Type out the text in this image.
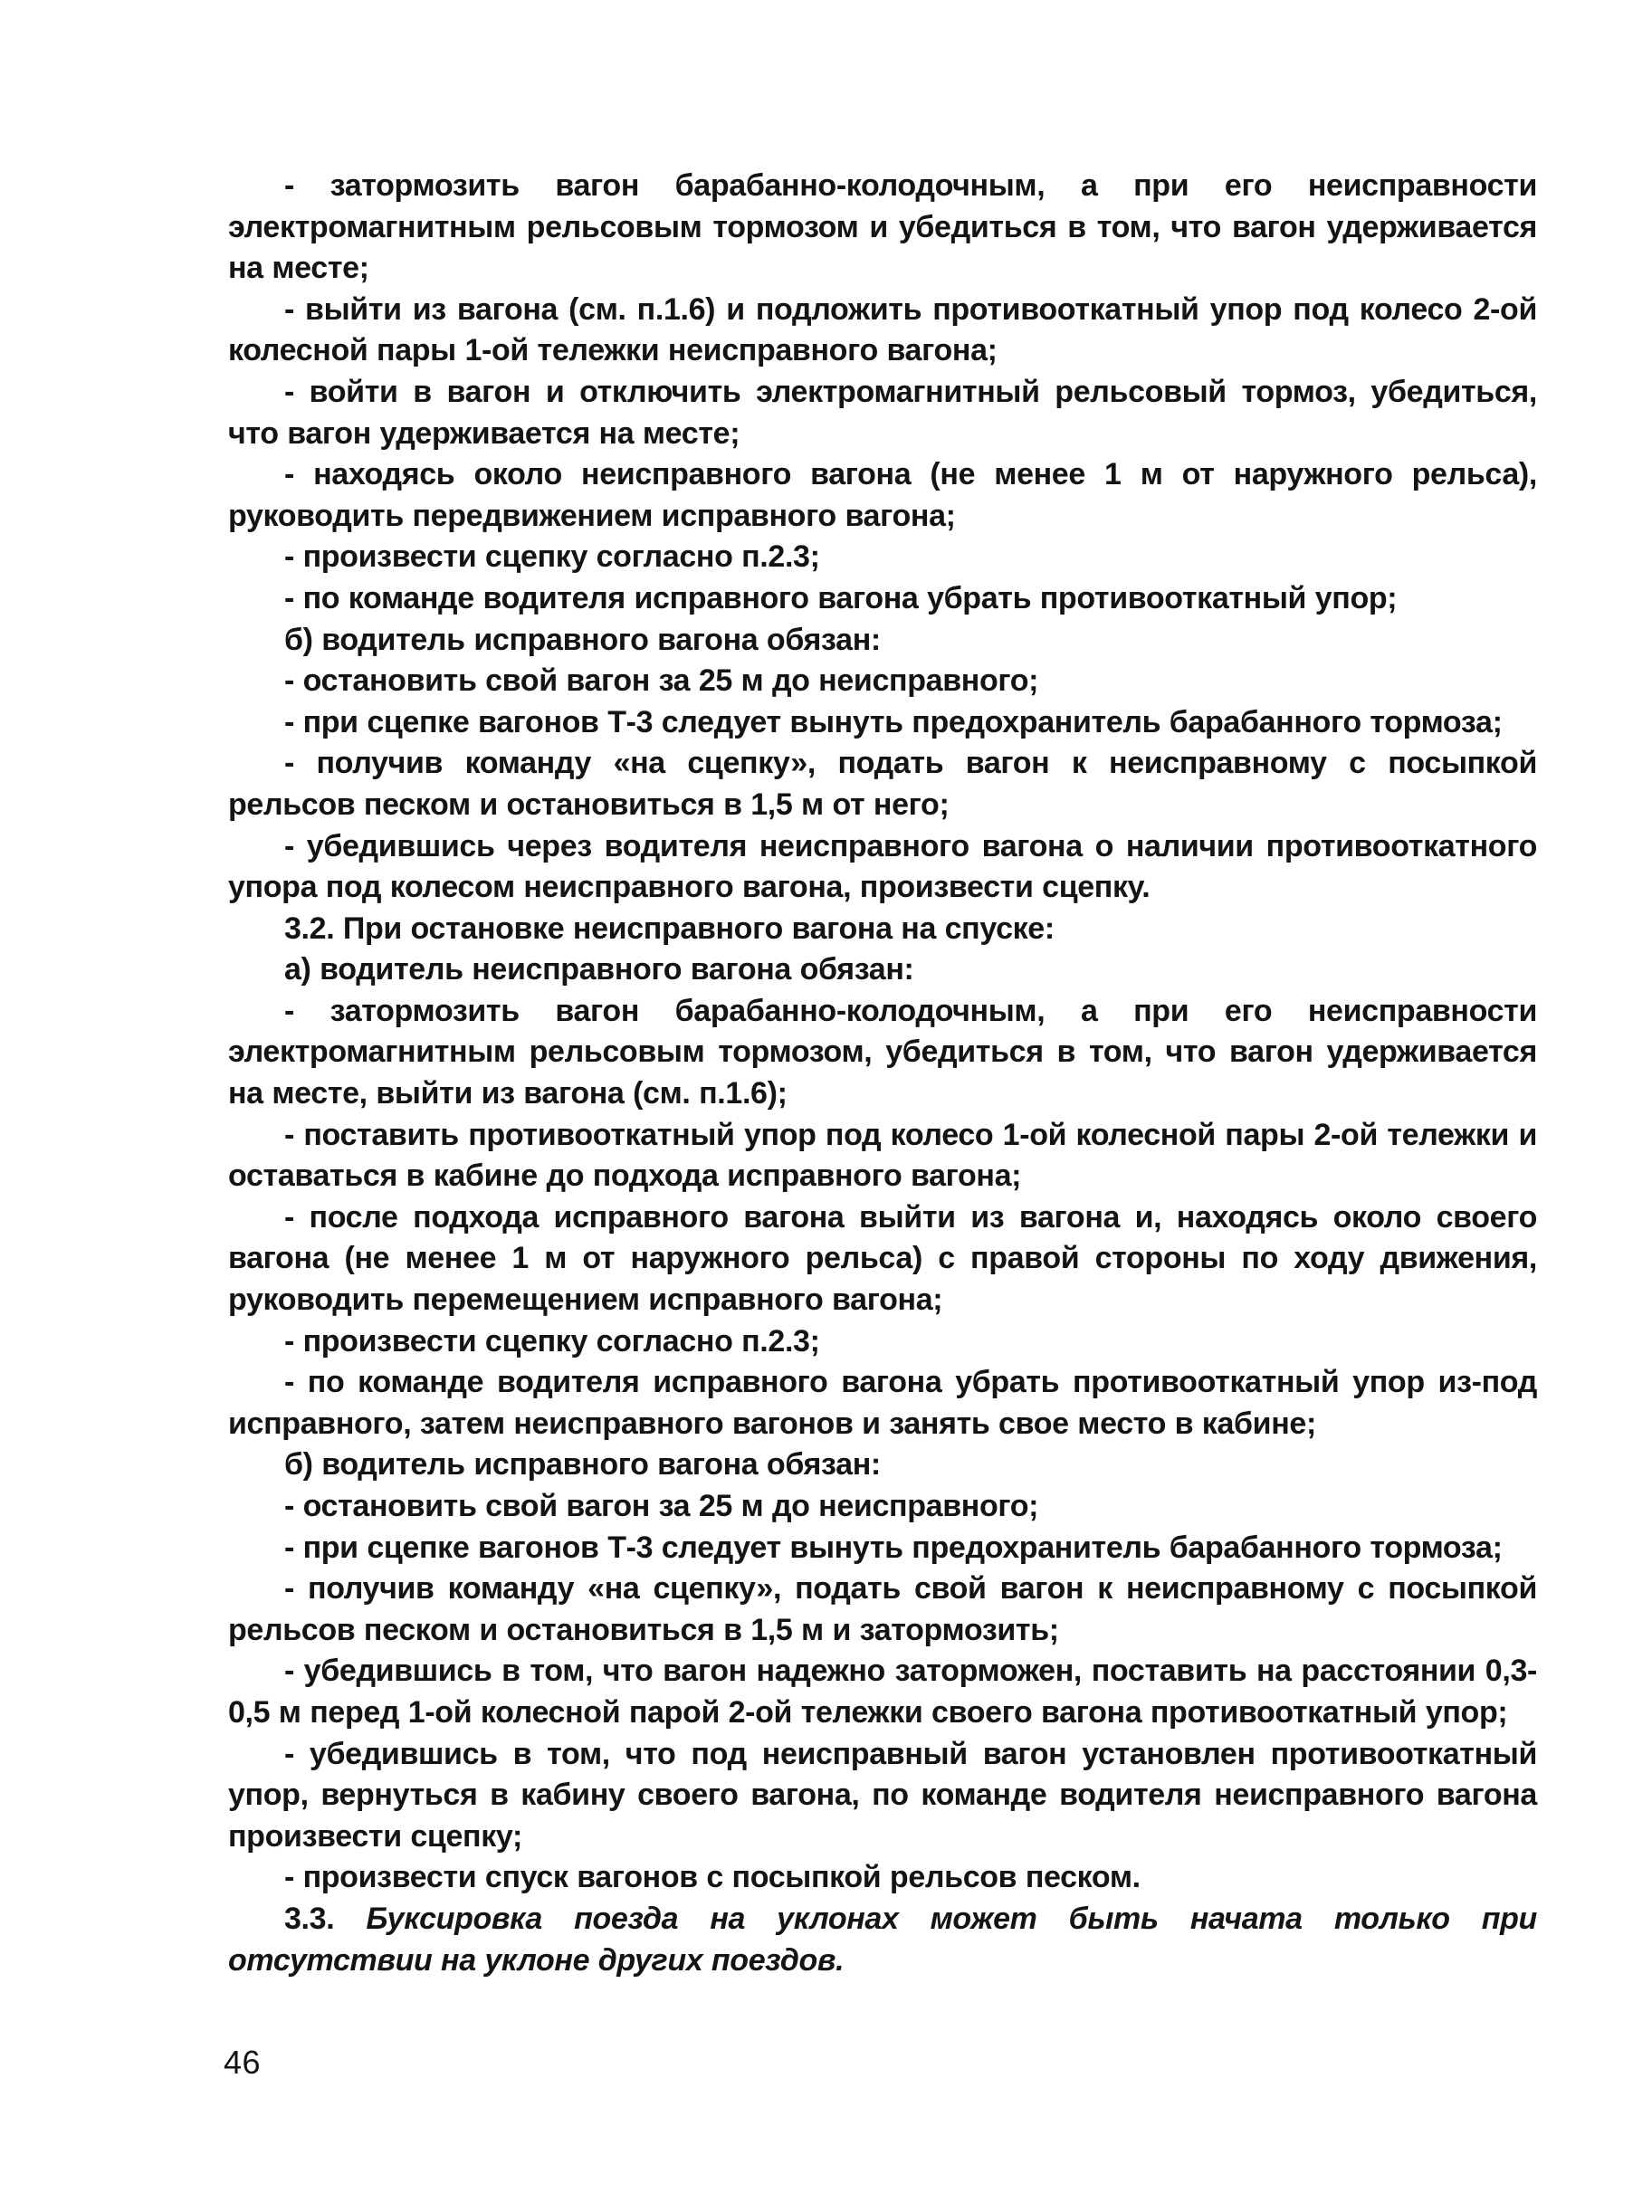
- затормозить вагон барабанно-колодочным, а при его неисправности электромагнитным рельсовым тормозом и убедиться в том, что вагон удерживается на месте;

- выйти из вагона (см. п.1.6) и подложить противооткатный упор под колесо 2-ой колесной пары 1-ой тележки неисправного вагона;

- войти в вагон и отключить электромагнитный рельсовый тормоз, убедиться, что вагон удерживается на месте;

- находясь около неисправного вагона (не менее 1 м от наружного рельса), руководить передвижением исправного вагона;

- произвести сцепку согласно п.2.3;

- по команде водителя исправного вагона убрать противооткатный упор;

б) водитель исправного вагона обязан:

- остановить свой вагон за 25 м до неисправного;

- при сцепке вагонов Т-3 следует вынуть предохранитель барабанного тормоза;

- получив команду «на сцепку», подать вагон к неисправному с посыпкой рельсов песком и остановиться в 1,5 м от него;

- убедившись через водителя неисправного вагона о наличии противооткатного упора под колесом неисправного вагона, произвести сцепку.

3.2. При остановке неисправного вагона на спуске:

а) водитель неисправного вагона обязан:

- затормозить вагон барабанно-колодочным, а при его неисправности электромагнитным рельсовым тормозом, убедиться в том, что вагон удерживается на месте, выйти из вагона (см. п.1.6);

- поставить противооткатный упор под колесо 1-ой колесной пары 2-ой тележки и оставаться в кабине до подхода исправного вагона;

- после подхода исправного вагона выйти из вагона и, находясь около своего вагона (не менее 1 м от наружного рельса) с правой стороны по ходу движения, руководить перемещением исправного вагона;

- произвести сцепку согласно п.2.3;

- по команде водителя исправного вагона убрать противооткатный упор из-под исправного, затем неисправного вагонов и занять свое место в кабине;

б) водитель исправного вагона обязан:

- остановить свой вагон за 25 м до неисправного;

- при сцепке вагонов Т-3 следует вынуть предохранитель барабанного тормоза;

- получив команду «на сцепку», подать свой вагон к неисправному с посыпкой рельсов песком и остановиться в 1,5 м и затормозить;

- убедившись в том, что вагон надежно заторможен, поставить на расстоянии 0,3-0,5 м перед 1-ой колесной парой 2-ой тележки своего вагона противооткатный упор;

- убедившись в том, что под неисправный вагон установлен противооткатный упор, вернуться в кабину своего вагона, по команде водителя неисправного вагона произвести сцепку;

- произвести спуск вагонов с посыпкой рельсов песком.

3.3. Буксировка поезда на уклонах может быть начата только при отсутствии на уклоне других поездов.

46
